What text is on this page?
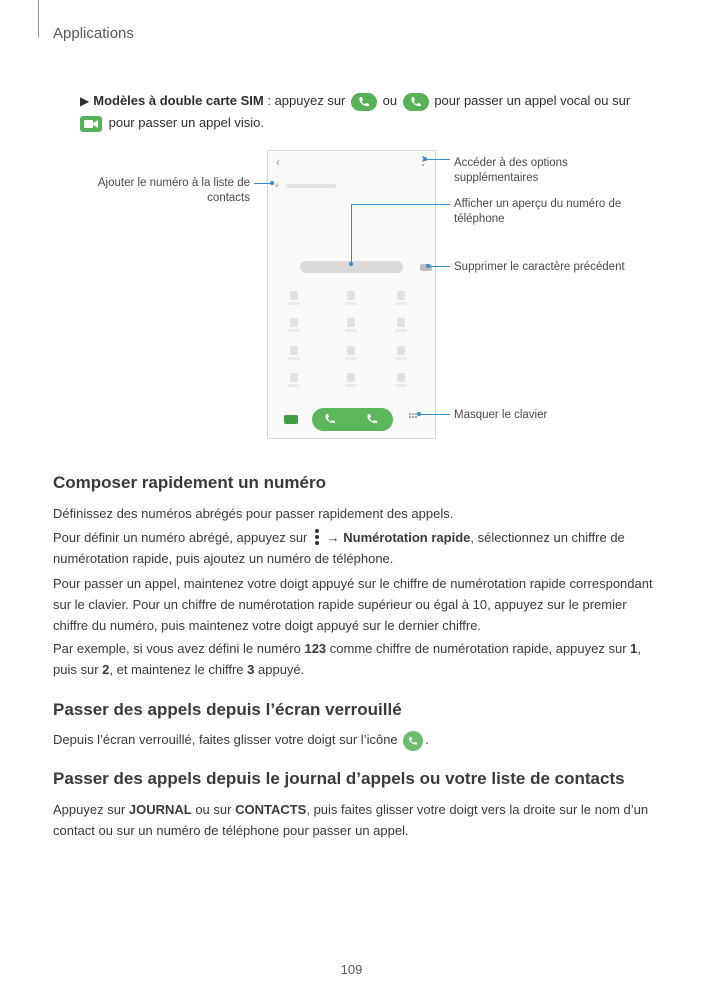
Applications
▶ Modèles à double carte SIM : appuyez sur
ou
pour passer un appel vocal ou sur

pour passer un appel visio.
‹
+
Ajouter le numéro à la liste de contacts
Accéder à des options supplémentaires
Afficher un aperçu du numéro de téléphone
Supprimer le caractère précédent
Masquer le clavier
Composer rapidement un numéro
Définissez des numéros abrégés pour passer rapidement des appels.
Pour définir un numéro abrégé, appuyez sur
→ Numérotation rapide, sélectionnez un chiffre de numérotation rapide, puis ajoutez un numéro de téléphone.
Pour passer un appel, maintenez votre doigt appuyé sur le chiffre de numérotation rapide correspondant sur le clavier. Pour un chiffre de numérotation rapide supérieur ou égal à 10, appuyez sur le premier chiffre du numéro, puis maintenez votre doigt appuyé sur le dernier chiffre.
Par exemple, si vous avez défini le numéro 123 comme chiffre de numérotation rapide, appuyez sur 1, puis sur 2, et maintenez le chiffre 3 appuyé.
Passer des appels depuis l’écran verrouillé
Depuis l’écran verrouillé, faites glisser votre doigt sur l’icône
.
Passer des appels depuis le journal d’appels ou votre liste de contacts
Appuyez sur JOURNAL ou sur CONTACTS, puis faites glisser votre doigt vers la droite sur le nom d’un contact ou sur un numéro de téléphone pour passer un appel.
109
